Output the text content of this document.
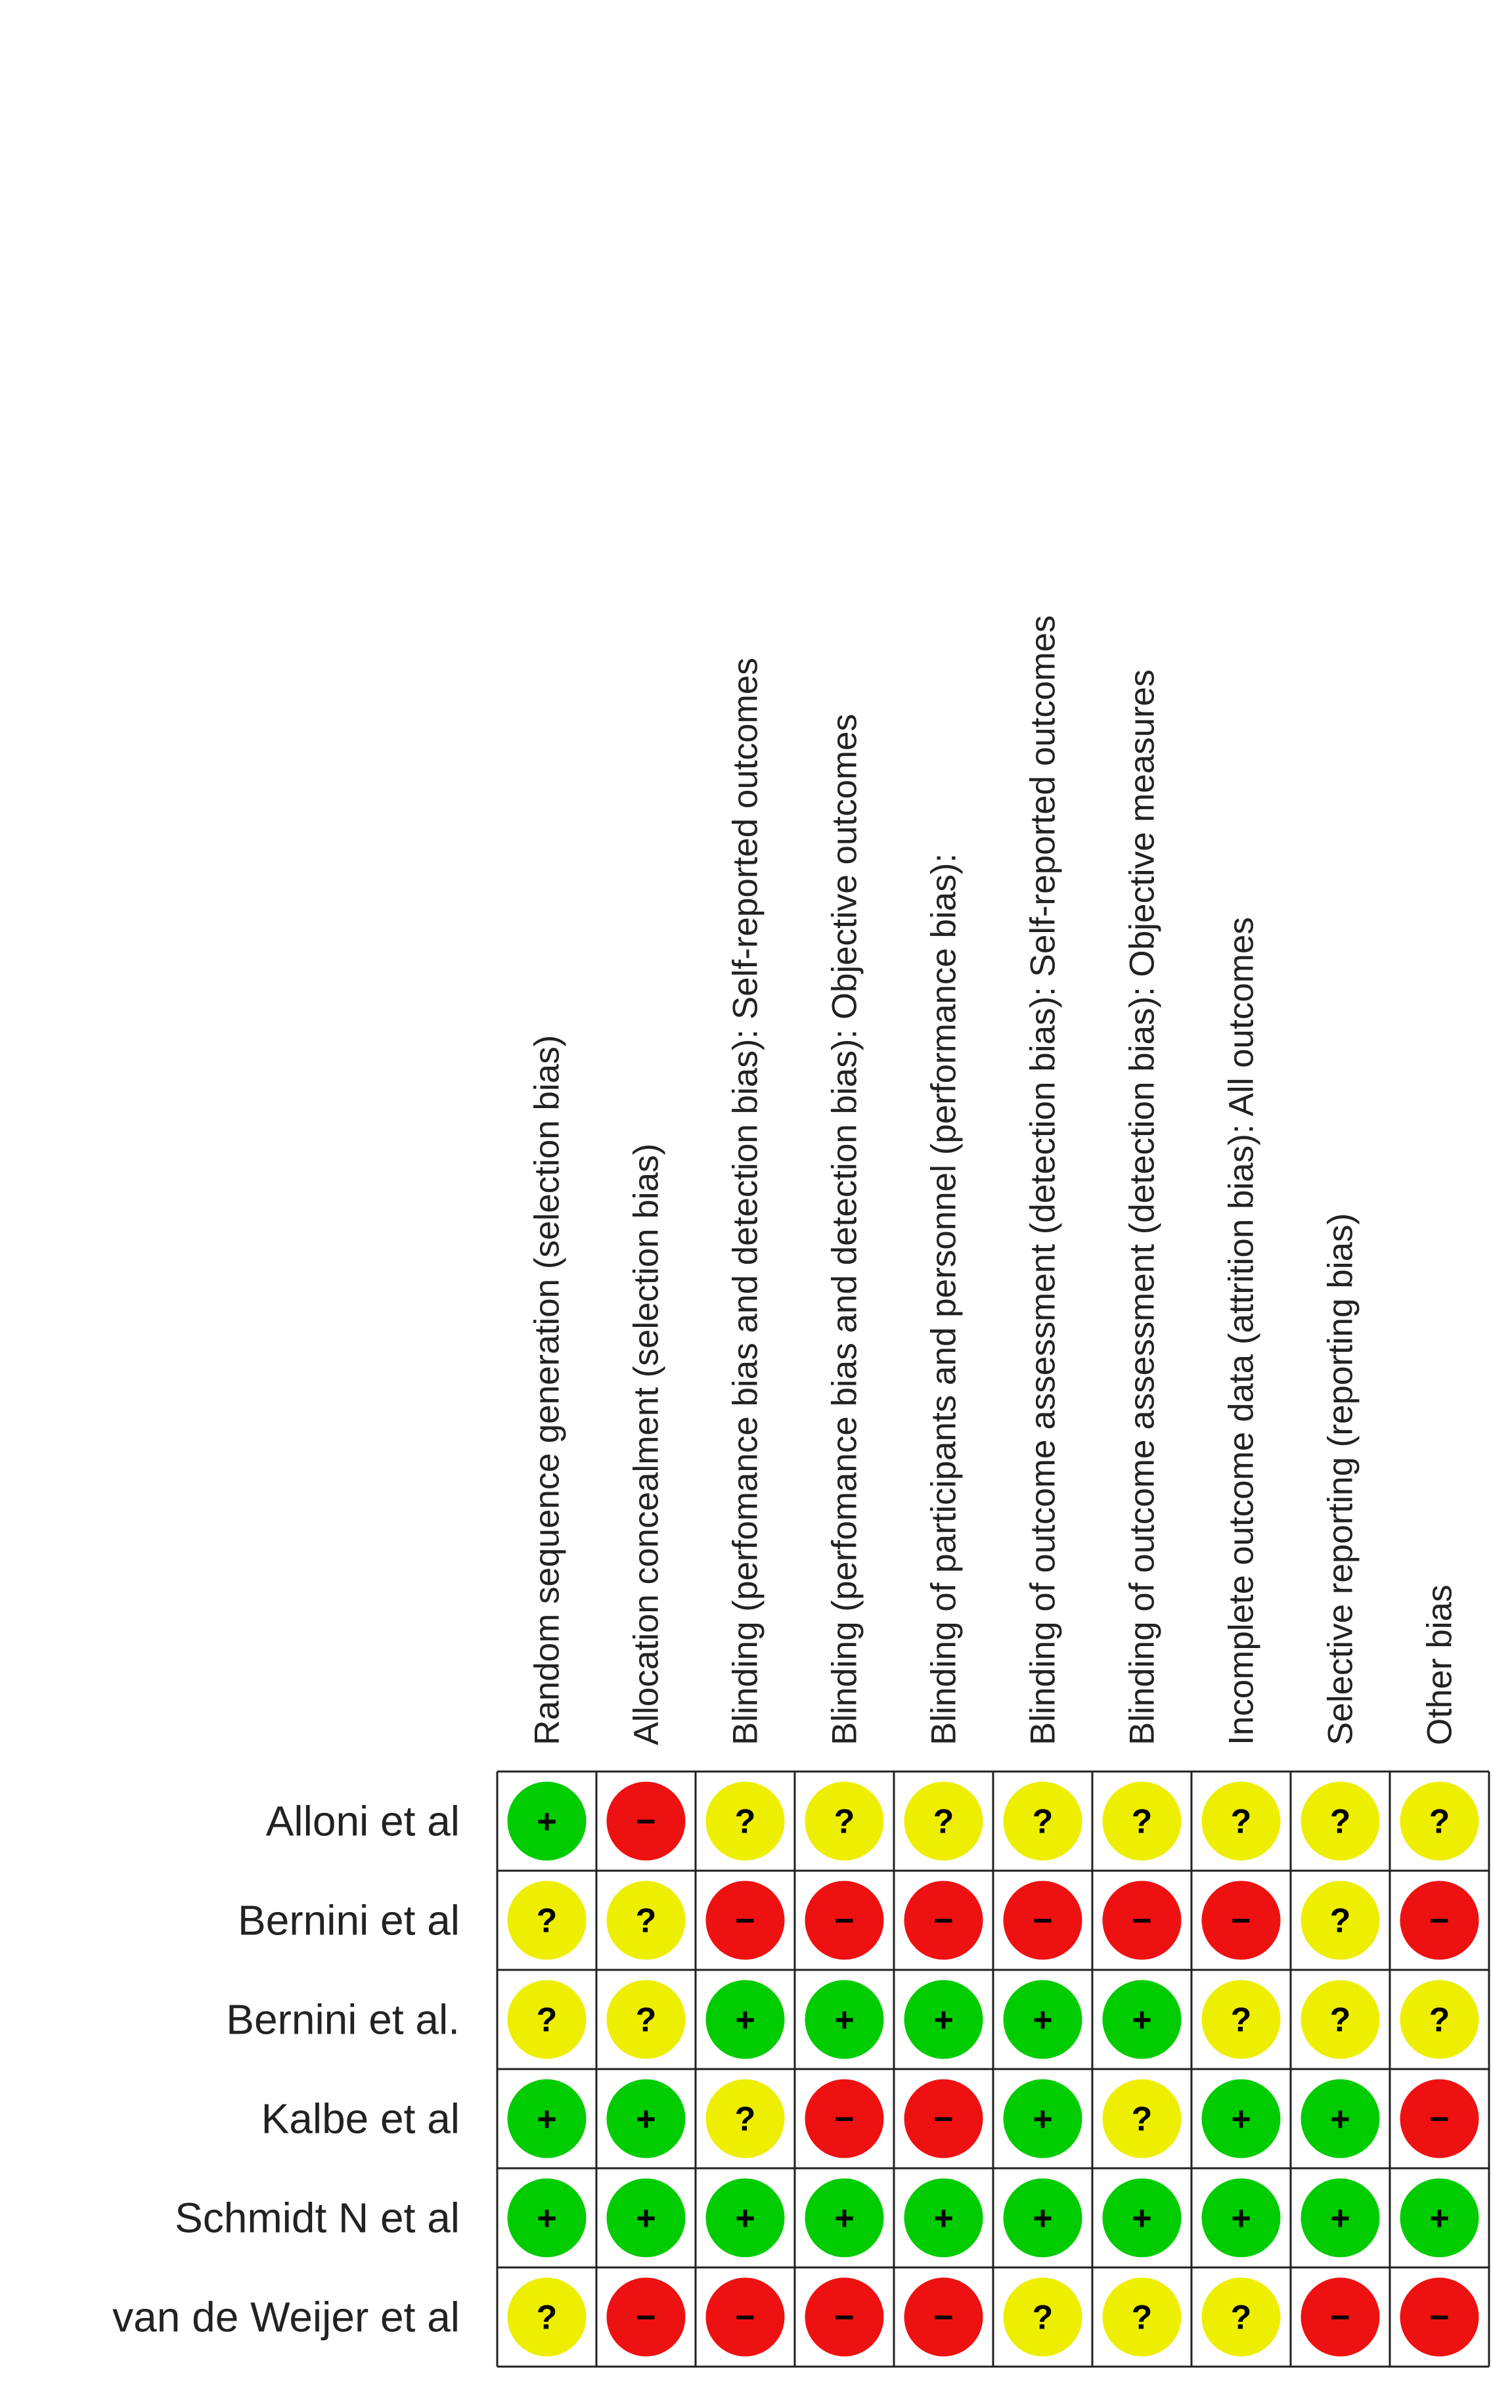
Random sequence generation (selection bias) Allocation concealment (selection bias) Blinding (perfomance bias and detection bias): Self-reported outcomes Blinding (perfomance bias and detection bias): Objective outcomes Blinding of participants and personnel (performance bias): Blinding of outcome assessment (detection bias): Self-reported outcomes Blinding of outcome assessment (detection bias): Objective measures Incomplete outcome data (attrition bias): All outcomes Selective reporting (reporting bias) Other bias
Alloni et al
Bernini et al
Bernini et al.
Kalbe et al
Schmidt N et al
van de Weijer et al
+ − ? ? ? ? ? ? ? ?
? ? − − − − − − ? −
? ? + + + + + ? ? ?
+ + ? − − + ? + + −
+ + + + + + + + + +
? − − − − ? ? ? − −
